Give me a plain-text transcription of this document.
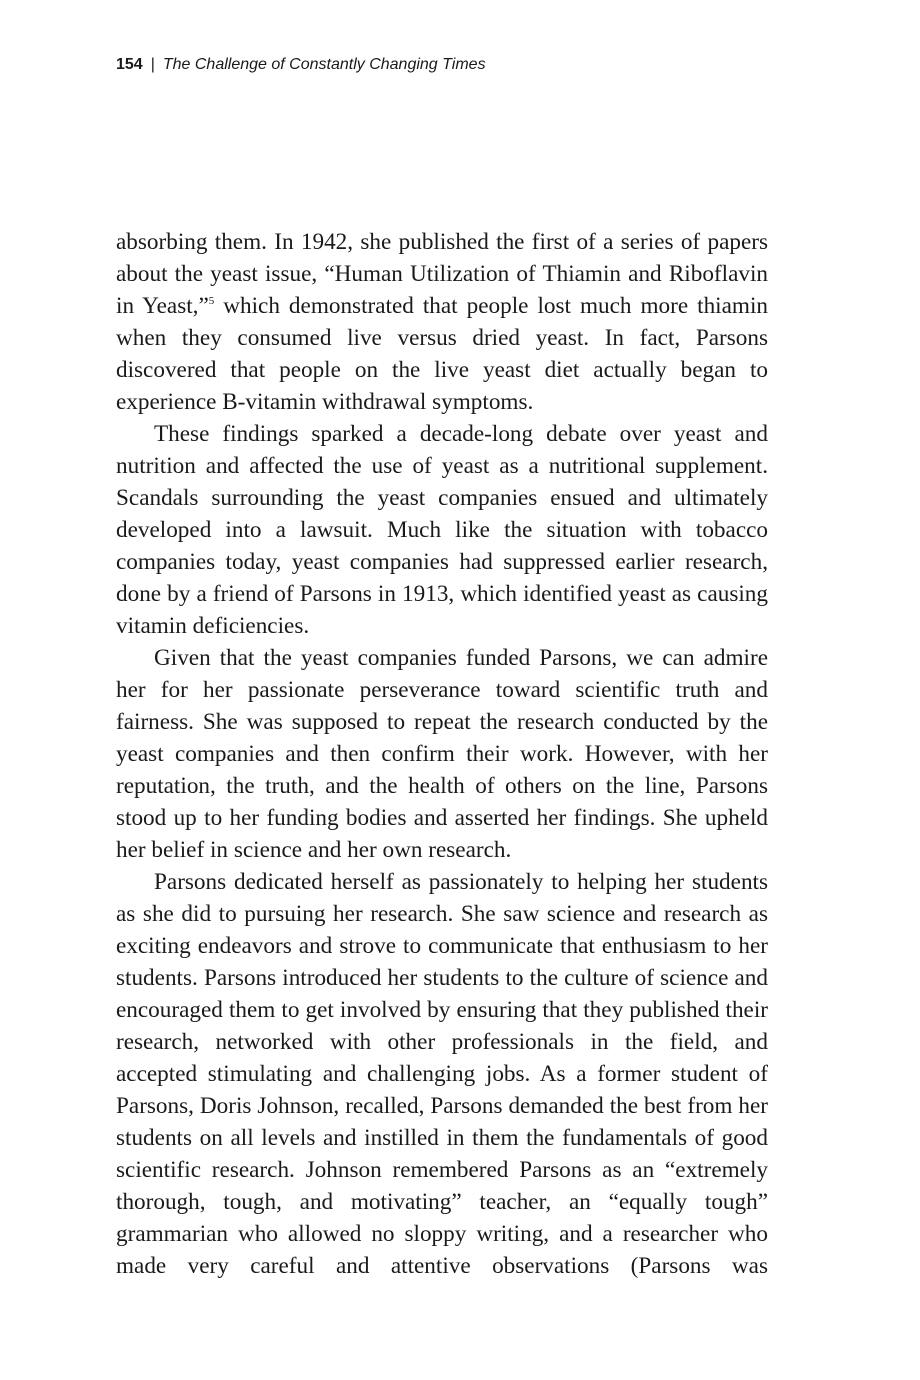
154 | The Challenge of Constantly Changing Times

absorbing them. In 1942, she published the first of a series of papers about the yeast issue, “Human Utilization of Thiamin and Riboflavin in Yeast,”$^5$ which demonstrated that people lost much more thiamin when they consumed live versus dried yeast. In fact, Parsons discovered that people on the live yeast diet actually began to experience B-vitamin withdrawal symptoms.

These findings sparked a decade-long debate over yeast and nutrition and affected the use of yeast as a nutritional supplement. Scandals surrounding the yeast companies ensued and ultimately developed into a lawsuit. Much like the situation with tobacco companies today, yeast companies had suppressed earlier research, done by a friend of Parsons in 1913, which identified yeast as causing vitamin deficiencies.

Given that the yeast companies funded Parsons, we can admire her for her passionate perseverance toward scientific truth and fairness. She was supposed to repeat the research conducted by the yeast companies and then confirm their work. However, with her reputation, the truth, and the health of others on the line, Parsons stood up to her funding bodies and asserted her findings. She upheld her belief in science and her own research.

Parsons dedicated herself as passionately to helping her students as she did to pursuing her research. She saw science and research as exciting endeavors and strove to communicate that enthusiasm to her students. Parsons introduced her students to the culture of science and encouraged them to get involved by ensuring that they published their research, networked with other professionals in the field, and accepted stimulating and challenging jobs. As a former student of Parsons, Doris Johnson, recalled, Parsons demanded the best from her students on all levels and instilled in them the fundamentals of good scientific research. Johnson remembered Parsons as an “extremely thorough, tough, and motivating” teacher, an “equally tough” grammarian who allowed no sloppy writing, and a researcher who made very careful and attentive observations (Parsons was
